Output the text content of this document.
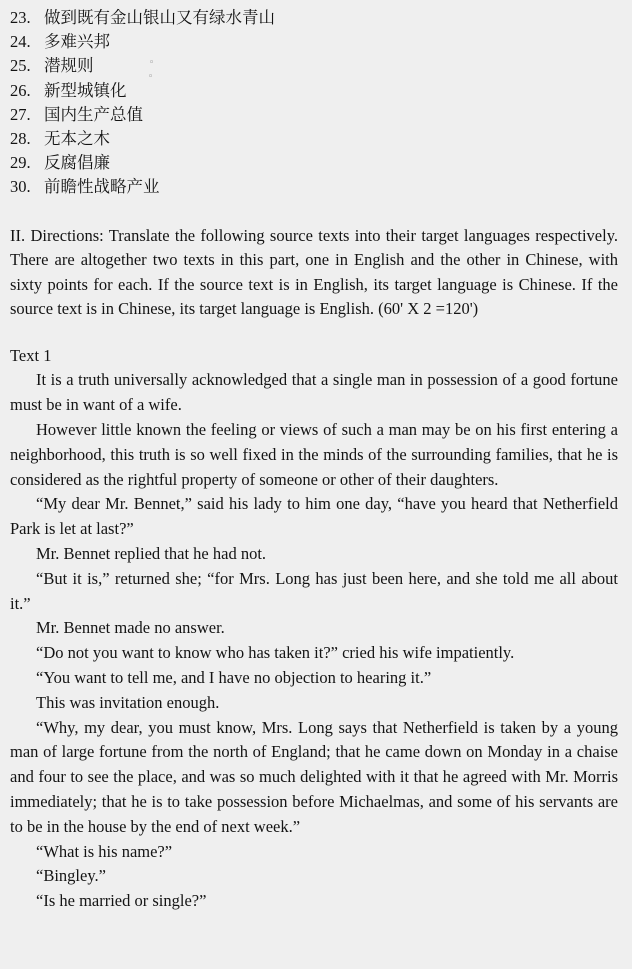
23. 做到既有金山银山又有绿水青山
24. 多难兴邦
25. 潜规则
26. 新型城镇化
27. 国内生产总值
28. 无本之木
29. 反腐倡廉
30. 前瞻性战略产业
II. Directions: Translate the following source texts into their target languages respectively. There are altogether two texts in this part, one in English and the other in Chinese, with sixty points for each. If the source text is in English, its target language is Chinese. If the source text is in Chinese, its target language is English. (60' X 2 =120')
Text 1

It is a truth universally acknowledged that a single man in possession of a good fortune must be in want of a wife.

However little known the feeling or views of such a man may be on his first entering a neighborhood, this truth is so well fixed in the minds of the surrounding families, that he is considered as the rightful property of someone or other of their daughters.

“My dear Mr. Bennet,” said his lady to him one day, “have you heard that Netherfield Park is let at last?”

Mr. Bennet replied that he had not.

“But it is,” returned she; “for Mrs. Long has just been here, and she told me all about it.”

Mr. Bennet made no answer.

“Do not you want to know who has taken it?” cried his wife impatiently.

“You want to tell me, and I have no objection to hearing it.”

This was invitation enough.

“Why, my dear, you must know, Mrs. Long says that Netherfield is taken by a young man of large fortune from the north of England; that he came down on Monday in a chaise and four to see the place, and was so much delighted with it that he agreed with Mr. Morris immediately; that he is to take possession before Michaelmas, and some of his servants are to be in the house by the end of next week.”

“What is his name?”

“Bingley.”

“Is he married or single?”

◦
◦
